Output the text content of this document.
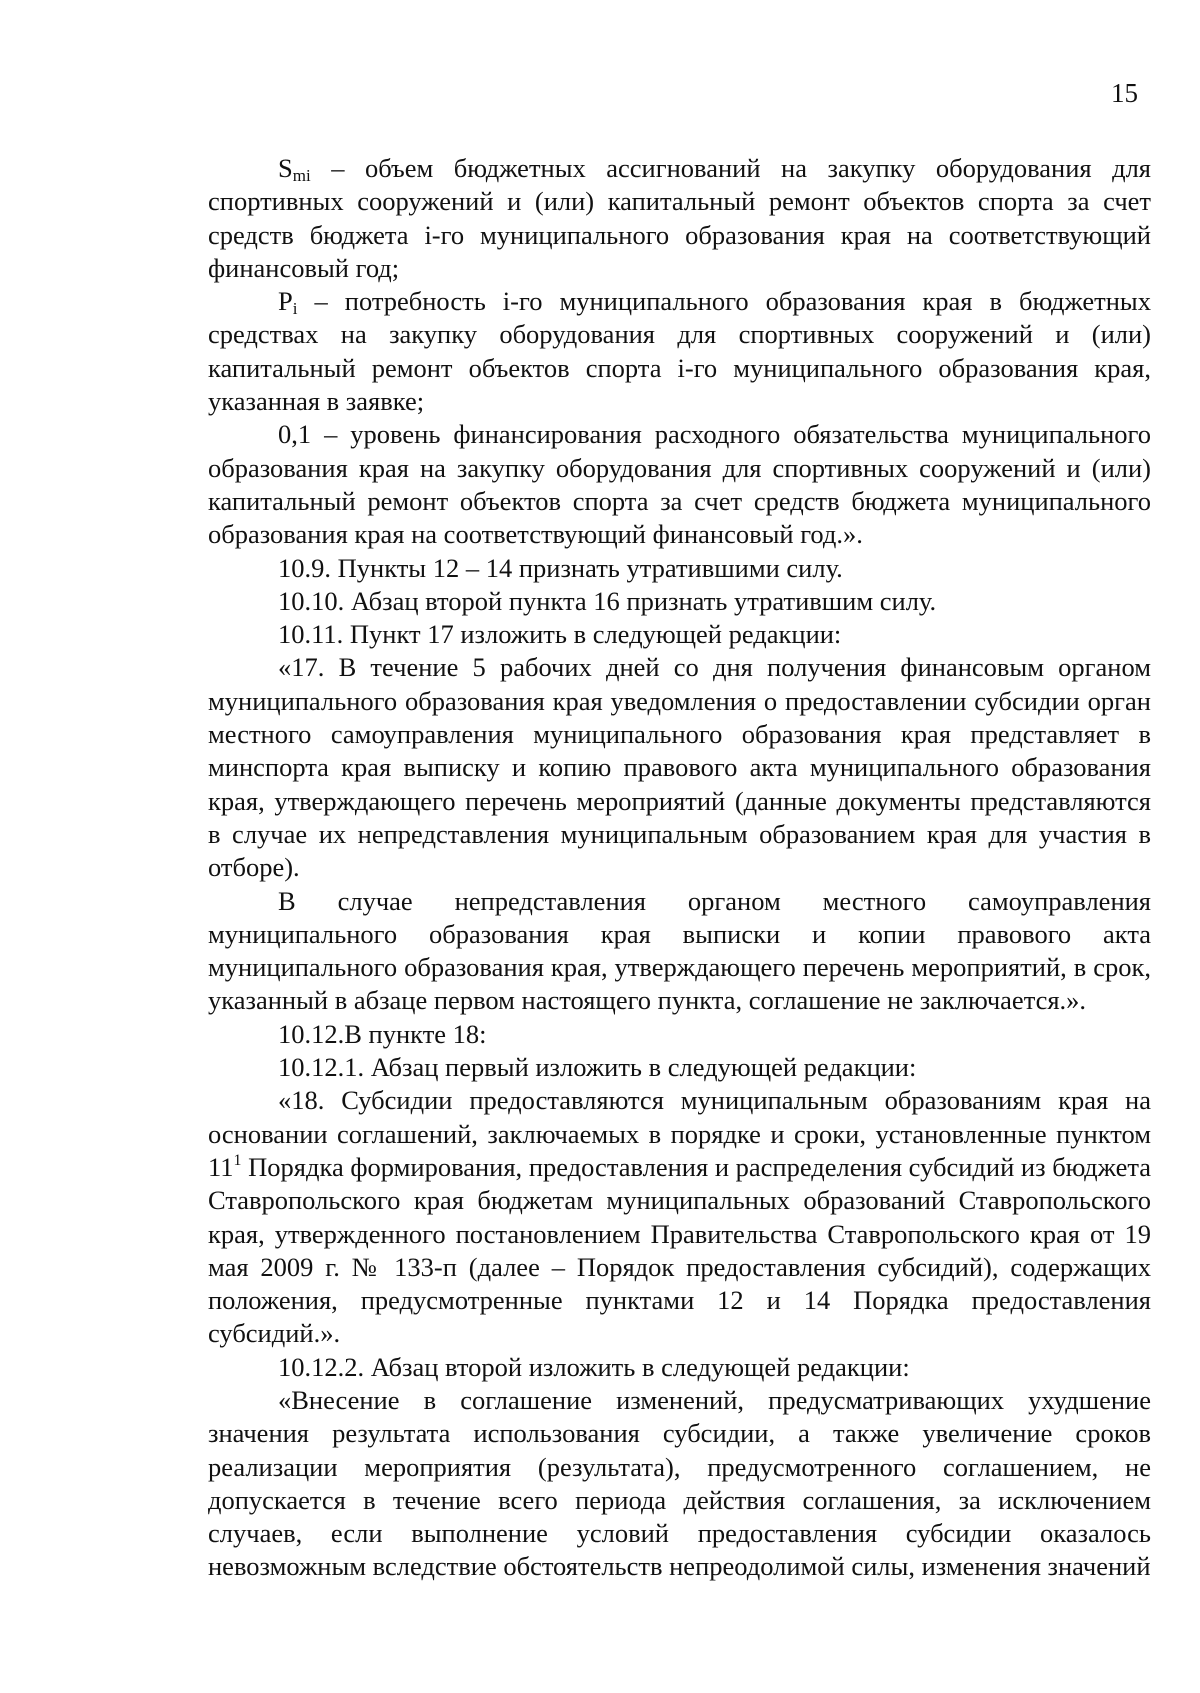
15

$S_{mi}$ – объем бюджетных ассигнований на закупку оборудования для спортивных сооружений и (или) капитальный ремонт объектов спорта за счет средств бюджета i-го муниципального образования края на соответствующий финансовый год;

$P_i$ – потребность i-го муниципального образования края в бюджетных средствах на закупку оборудования для спортивных сооружений и (или) капитальный ремонт объектов спорта i-го муниципального образования края, указанная в заявке;

0,1 – уровень финансирования расходного обязательства муниципального образования края на закупку оборудования для спортивных сооружений и (или) капитальный ремонт объектов спорта за счет средств бюджета муниципального образования края на соответствующий финансовый год.».

10.9. Пункты 12 – 14 признать утратившими силу.

10.10. Абзац второй пункта 16 признать утратившим силу.

10.11. Пункт 17 изложить в следующей редакции:

«17. В течение 5 рабочих дней со дня получения финансовым органом муниципального образования края уведомления о предоставлении субсидии орган местного самоуправления муниципального образования края представляет в минспорта края выписку и копию правового акта муниципального образования края, утверждающего перечень мероприятий (данные документы представляются в случае их непредставления муниципальным образованием края для участия в отборе).

В случае непредставления органом местного самоуправления муниципального образования края выписки и копии правового акта муниципального образования края, утверждающего перечень мероприятий, в срок, указанный в абзаце первом настоящего пункта, соглашение не заключается.».

10.12.В пункте 18:

10.12.1. Абзац первый изложить в следующей редакции:

«18. Субсидии предоставляются муниципальным образованиям края на основании соглашений, заключаемых в порядке и сроки, установленные пунктом $11^1$ Порядка формирования, предоставления и распределения субсидий из бюджета Ставропольского края бюджетам муниципальных образований Ставропольского края, утвержденного постановлением Правительства Ставропольского края от 19 мая 2009 г. № 133-п (далее – Порядок предоставления субсидий), содержащих положения, предусмотренные пунктами 12 и 14 Порядка предоставления субсидий.».

10.12.2. Абзац второй изложить в следующей редакции:

«Внесение в соглашение изменений, предусматривающих ухудшение значения результата использования субсидии, а также увеличение сроков реализации мероприятия (результата), предусмотренного соглашением, не допускается в течение всего периода действия соглашения, за исключением случаев, если выполнение условий предоставления субсидии оказалось невозможным вследствие обстоятельств непреодолимой силы, изменения значений
